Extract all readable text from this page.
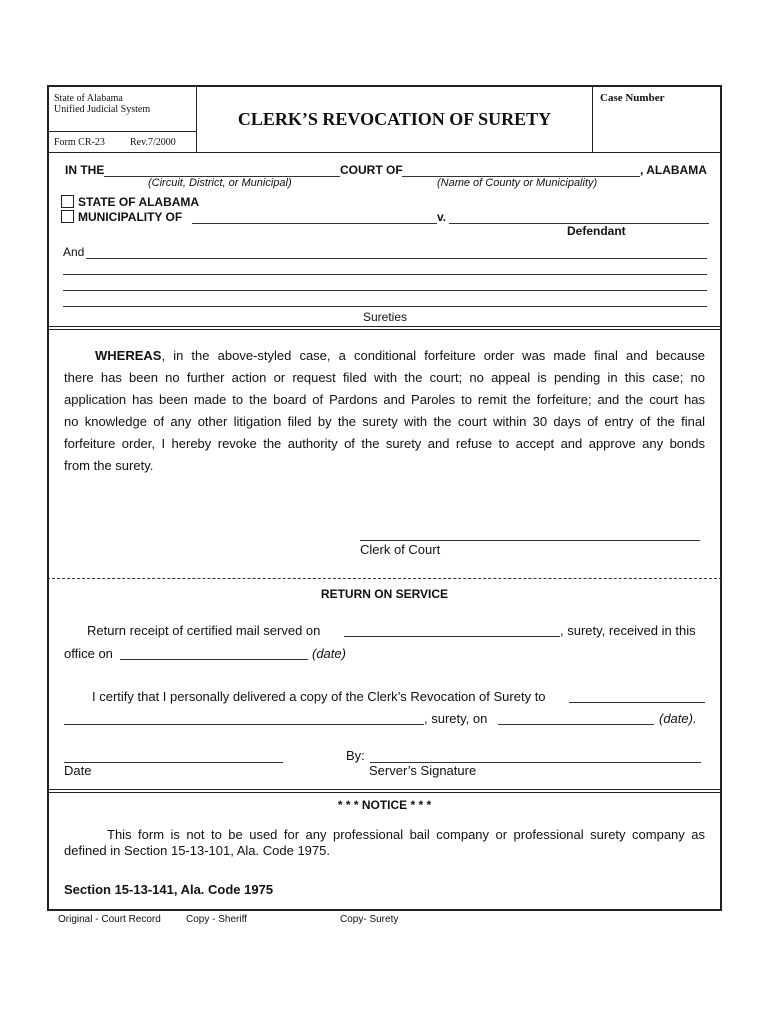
State of Alabama
Unified Judicial System
Form CR-23	Rev.7/2000
CLERK’S REVOCATION OF SURETY
Case Number
IN THE	COURT OF	, ALABAMA
(Circuit, District, or Municipal)	(Name of County or Municipality)
STATE OF ALABAMA
MUNICIPALITY OF	v.
Defendant
And
Sureties
WHEREAS, in the above-styled case, a conditional forfeiture order was made final and because
there has been no further action or request filed with the court; no appeal is pending in this case; no
application has been made to the board of Pardons and Paroles to remit the forfeiture; and the court has
no knowledge of any other litigation filed by the surety with the court within 30 days of entry of the final
forfeiture order, I hereby revoke the authority of the surety and refuse to accept and approve any bonds
from the surety.
Clerk of Court
RETURN ON SERVICE
Return receipt of certified mail served on	, surety, received in this
office on	(date)
I certify that I personally delivered a copy of the Clerk’s Revocation of Surety to
, surety, on	(date).
Date
By:
Server’s Signature
* * * NOTICE * * *
This form is not to be used for any professional bail company or professional surety company as
defined in Section 15-13-101, Ala. Code 1975.
Section 15-13-141, Ala. Code 1975
Original - Court Record	Copy - Sheriff	Copy- Surety
